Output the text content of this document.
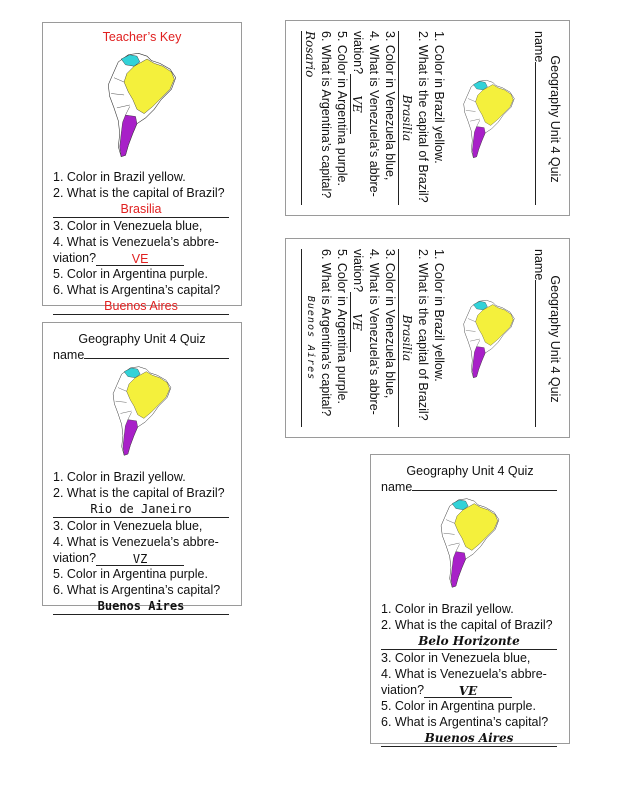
Teacher’s Key
1. Color in Brazil yellow.
2. What is the capital of Brazil?
Brasilia
3. Color in Venezuela blue,
4. What is Venezuela’s abbre-
viation?	VE
5. Color in Argentina purple.
6. What is Argentina’s capital?
Buenos Aires
Geography Unit 4 Quiz
name
1. Color in Brazil yellow.
2. What is the capital of Brazil?
Rio de Janeiro
3. Color in Venezuela blue,
4. What is Venezuela’s abbre-
viation?	VZ
5. Color in Argentina purple.
6. What is Argentina’s capital?
Buenos Aires
Geography Unit 4 Quiz
name
1. Color in Brazil yellow.
2. What is the capital of Brazil?
Belo Horizonte
3. Color in Venezuela blue,
4. What is Venezuela’s abbre-
viation?	VE
5. Color in Argentina purple.
6. What is Argentina’s capital?
Buenos Aires
Geography Unit 4 Quiz
name
1. Color in Brazil yellow.
2. What is the capital of Brazil?
Brasilia
3. Color in Venezuela blue,
4. What is Venezuela’s abbre-
viation?VE
5. Color in Argentina purple.
6. What is Argentina’s capital?
Rosario
Geography Unit 4 Quiz
name
1. Color in Brazil yellow.
2. What is the capital of Brazil?
Brasilia
3. Color in Venezuela blue,
4. What is Venezuela’s abbre-
viation?VE
5. Color in Argentina purple.
6. What is Argentina’s capital?
Buenos Aires
